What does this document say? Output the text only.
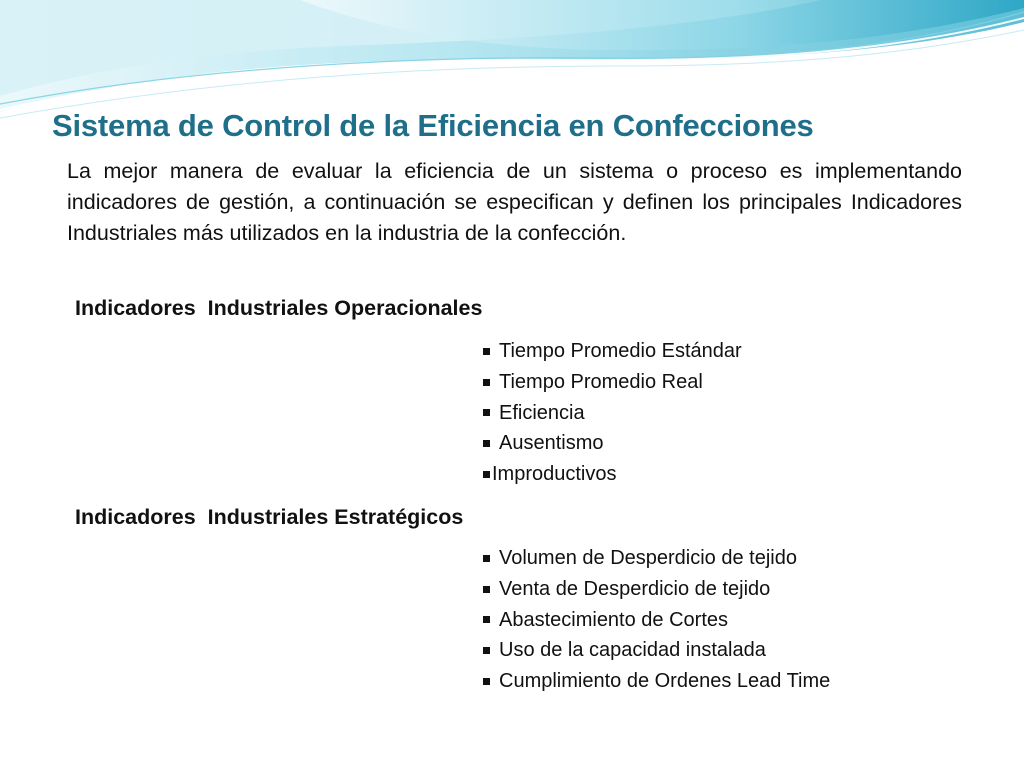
Sistema de Control de la Eficiencia en Confecciones

La mejor manera de evaluar la eficiencia de un sistema o proceso es implementando indicadores de gestión, a continuación se especifican y definen los principales Indicadores Industriales más utilizados en la industria de la confección.

Indicadores  Industriales Operacionales
Tiempo Promedio Estándar
Tiempo Promedio Real
Eficiencia
Ausentismo
Improductivos
Indicadores  Industriales Estratégicos
Volumen de Desperdicio de tejido
Venta de Desperdicio de tejido
Abastecimiento de Cortes
Uso de la capacidad instalada
Cumplimiento de Ordenes Lead Time
